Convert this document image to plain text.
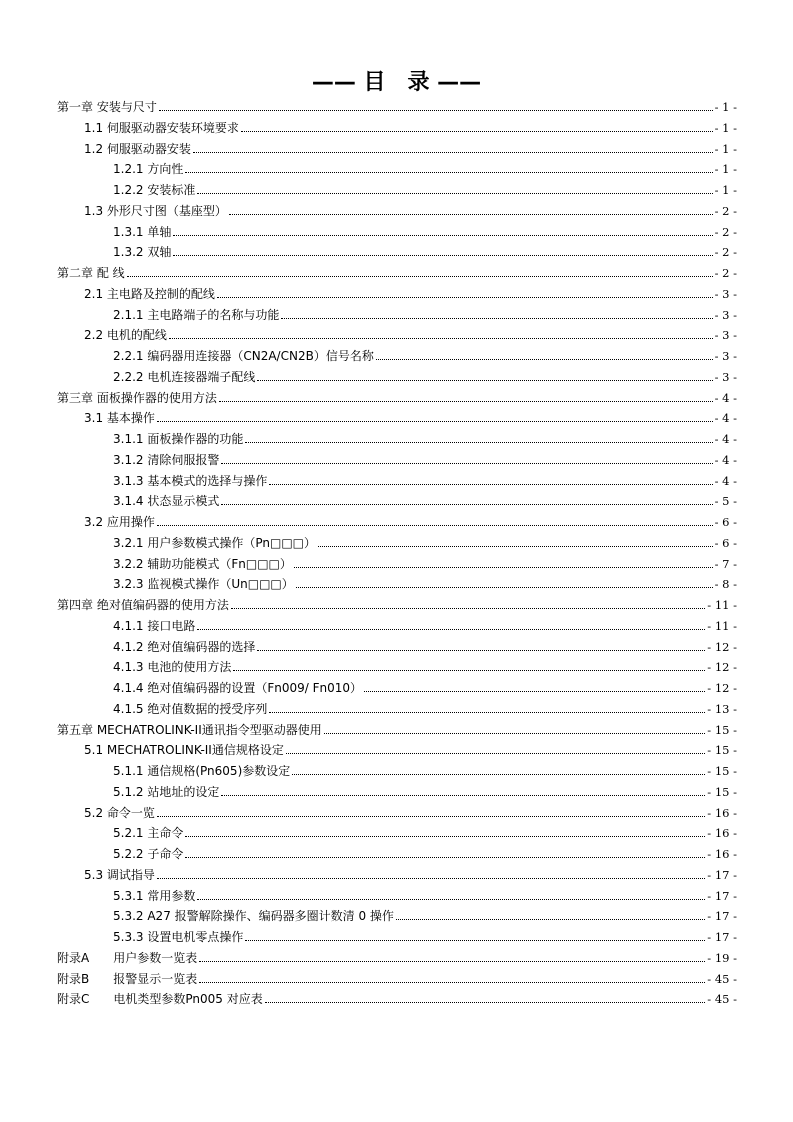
—— 目　录 ——
第一章 安装与尺寸	- 1 -
1.1 伺服驱动器安装环境要求	- 1 -
1.2 伺服驱动器安装	- 1 -
1.2.1 方向性	- 1 -
1.2.2 安装标准	- 1 -
1.3 外形尺寸图（基座型）	- 2 -
1.3.1 单轴	- 2 -
1.3.2 双轴	- 2 -
第二章 配 线	- 2 -
2.1 主电路及控制的配线	- 3 -
2.1.1 主电路端子的名称与功能	- 3 -
2.2 电机的配线	- 3 -
2.2.1 编码器用连接器（CN2A/CN2B）信号名称	- 3 -
2.2.2 电机连接器端子配线	- 3 -
第三章 面板操作器的使用方法	- 4 -
3.1 基本操作	- 4 -
3.1.1 面板操作器的功能	- 4 -
3.1.2 清除伺服报警	- 4 -
3.1.3 基本模式的选择与操作	- 4 -
3.1.4 状态显示模式	- 5 -
3.2 应用操作	- 6 -
3.2.1 用户参数模式操作（Pn□□□）	- 6 -
3.2.2 辅助功能模式（Fn□□□）	- 7 -
3.2.3 监视模式操作（Un□□□）	- 8 -
第四章 绝对值编码器的使用方法	- 11 -
4.1.1 接口电路	- 11 -
4.1.2 绝对值编码器的选择	- 12 -
4.1.3 电池的使用方法	- 12 -
4.1.4 绝对值编码器的设置（Fn009/ Fn010）	- 12 -
4.1.5 绝对值数据的授受序列	- 13 -
第五章 MECHATROLINK-II通讯指令型驱动器使用	- 15 -
5.1 MECHATROLINK-II通信规格设定	- 15 -
5.1.1 通信规格(Pn605)参数设定	- 15 -
5.1.2 站地址的设定	- 15 -
5.2 命令一览	- 16 -
5.2.1 主命令	- 16 -
5.2.2 子命令	- 16 -
5.3 调试指导	- 17 -
5.3.1 常用参数	- 17 -
5.3.2 A27 报警解除操作、编码器多圈计数清 0 操作	- 17 -
5.3.3 设置电机零点操作	- 17 -
附录A　　用户参数一览表	- 19 -
附录B　　报警显示一览表	- 45 -
附录C　　电机类型参数Pn005 对应表	- 45 -
